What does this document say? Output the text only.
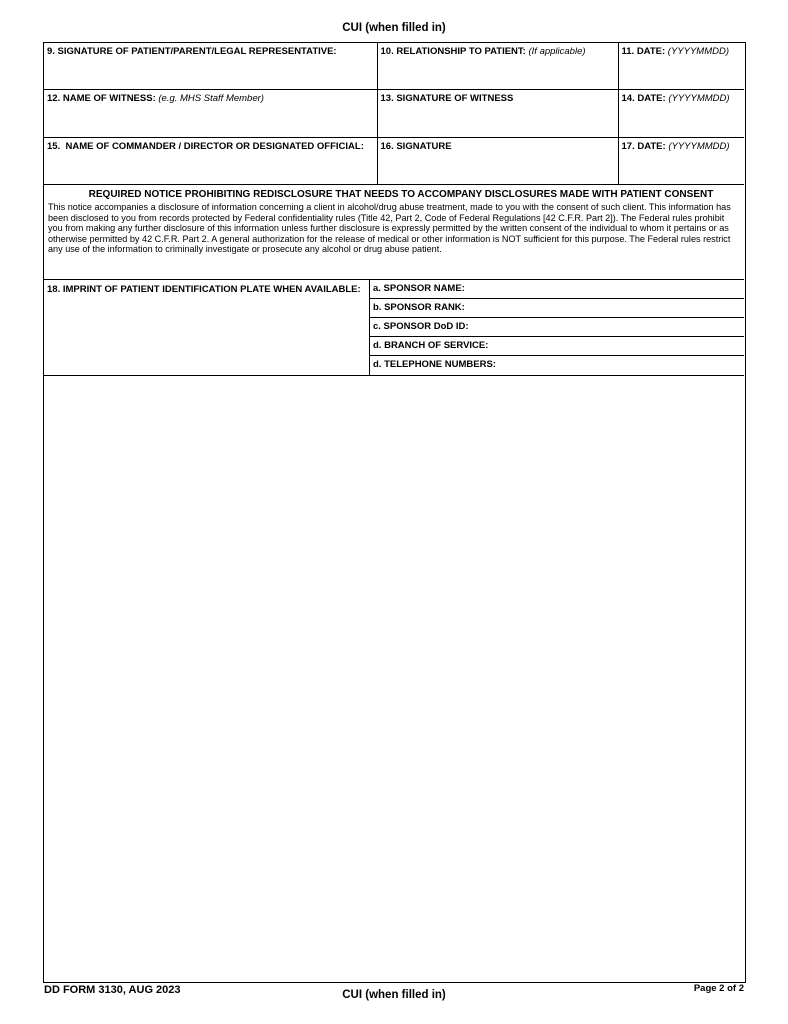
CUI (when filled in)
9. SIGNATURE OF PATIENT/PARENT/LEGAL REPRESENTATIVE:	10. RELATIONSHIP TO PATIENT: (If applicable)	11. DATE: (YYYYMMDD)
12. NAME OF WITNESS: (e.g. MHS Staff Member)	13. SIGNATURE OF WITNESS	14. DATE: (YYYYMMDD)

15. NAME OF COMMANDER / DIRECTOR OR DESIGNATED OFFICIAL:	16. SIGNATURE	17. DATE: (YYYYMMDD)
REQUIRED NOTICE PROHIBITING REDISCLOSURE THAT NEEDS TO ACCOMPANY DISCLOSURES MADE WITH PATIENT CONSENT
This notice accompanies a disclosure of information concerning a client in alcohol/drug abuse treatment, made to you with the consent of such client. This information has been disclosed to you from records protected by Federal confidentiality rules (Title 42, Part 2, Code of Federal Regulations [42 C.F.R. Part 2]). The Federal rules prohibit you from making any further disclosure of this information unless further disclosure is expressly permitted by the written consent of the individual to whom it pertains or as otherwise permitted by 42 C.F.R. Part 2. A general authorization for the release of medical or other information is NOT sufficient for this purpose. The Federal rules restrict any use of the information to criminally investigate or prosecute any alcohol or drug abuse patient.
18. IMPRINT OF PATIENT IDENTIFICATION PLATE WHEN AVAILABLE:	a. SPONSOR NAME:
b. SPONSOR RANK:
c. SPONSOR DoD ID:
d. BRANCH OF SERVICE:
d. TELEPHONE NUMBERS:
DD FORM 3130, AUG 2023	Page 2 of 2
CUI (when filled in)
